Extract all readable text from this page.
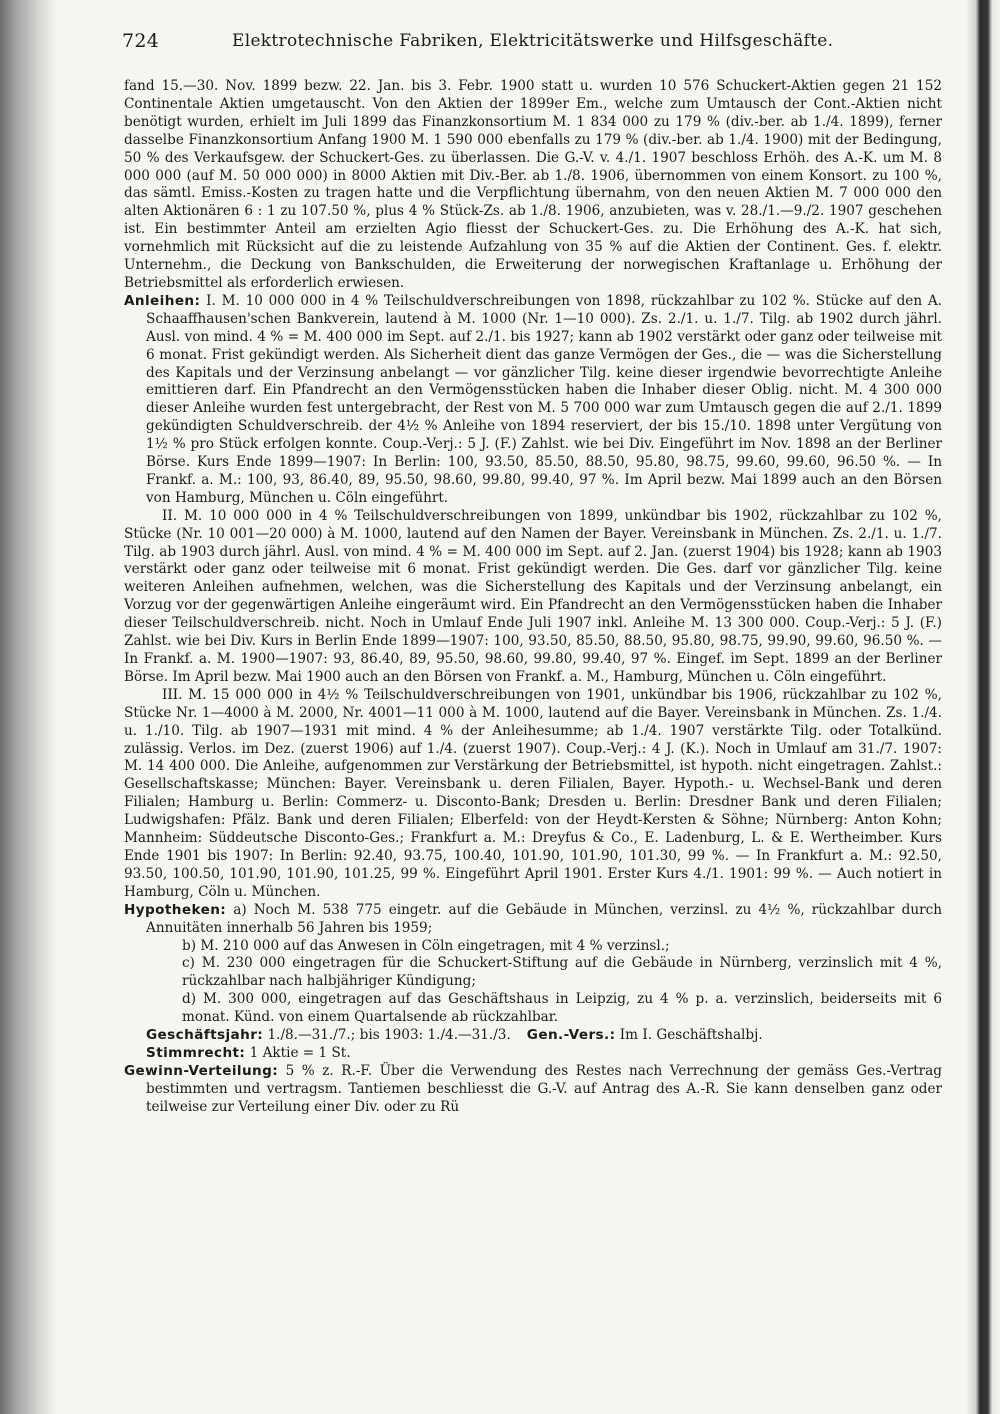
724	Elektrotechnische Fabriken, Elektricitätswerke und Hilfsgeschäfte.

fand 15.—30. Nov. 1899 bezw. 22. Jan. bis 3. Febr. 1900 statt u. wurden 10 576 Schuckert-Aktien gegen 21 152 Continentale Aktien umgetauscht. Von den Aktien der 1899er Em., welche zum Umtausch der Cont.-Aktien nicht benötigt wurden, erhielt im Juli 1899 das Finanzkonsortium M. 1 834 000 zu 179 % (div.-ber. ab 1./4. 1899), ferner dasselbe Finanzkonsortium Anfang 1900 M. 1 590 000 ebenfalls zu 179 % (div.-ber. ab 1./4. 1900) mit der Bedingung, 50 % des Verkaufsgew. der Schuckert-Ges. zu überlassen. Die G.-V. v. 4./1. 1907 beschloss Erhöh. des A.-K. um M. 8 000 000 (auf M. 50 000 000) in 8000 Aktien mit Div.-Ber. ab 1./8. 1906, übernommen von einem Konsort. zu 100 %, das sämtl. Emiss.-Kosten zu tragen hatte und die Verpflichtung übernahm, von den neuen Aktien M. 7 000 000 den alten Aktionären 6 : 1 zu 107.50 %, plus 4 % Stück-Zs. ab 1./8. 1906, anzubieten, was v. 28./1.—9./2. 1907 geschehen ist. Ein bestimmter Anteil am erzielten Agio fliesst der Schuckert-Ges. zu. Die Erhöhung des A.-K. hat sich, vornehmlich mit Rücksicht auf die zu leistende Aufzahlung von 35 % auf die Aktien der Continent. Ges. f. elektr. Unternehm., die Deckung von Bankschulden, die Erweiterung der norwegischen Kraftanlage u. Erhöhung der Betriebsmittel als erforderlich erwiesen.

Anleihen: I. M. 10 000 000 in 4 % Teilschuldverschreibungen von 1898, rückzahlbar zu 102 %. Stücke auf den A. Schaaffhausen'schen Bankverein, lautend à M. 1000 (Nr. 1—10 000). Zs. 2./1. u. 1./7. Tilg. ab 1902 durch jährl. Ausl. von mind. 4 % = M. 400 000 im Sept. auf 2./1. bis 1927; kann ab 1902 verstärkt oder ganz oder teilweise mit 6 monat. Frist gekündigt werden. Als Sicherheit dient das ganze Vermögen der Ges., die — was die Sicherstellung des Kapitals und der Verzinsung anbelangt — vor gänzlicher Tilg. keine dieser irgendwie bevorrechtigte Anleihe emittieren darf. Ein Pfandrecht an den Vermögensstücken haben die Inhaber dieser Oblig. nicht. M. 4 300 000 dieser Anleihe wurden fest untergebracht, der Rest von M. 5 700 000 war zum Umtausch gegen die auf 2./1. 1899 gekündigten Schuldverschreib. der 4½ % Anleihe von 1894 reserviert, der bis 15./10. 1898 unter Vergütung von 1½ % pro Stück erfolgen konnte. Coup.-Verj.: 5 J. (F.) Zahlst. wie bei Div. Eingeführt im Nov. 1898 an der Berliner Börse. Kurs Ende 1899—1907: In Berlin: 100, 93.50, 85.50, 88.50, 95.80, 98.75, 99.60, 99.60, 96.50 %. — In Frankf. a. M.: 100, 93, 86.40, 89, 95.50, 98.60, 99.80, 99.40, 97 %. Im April bezw. Mai 1899 auch an den Börsen von Hamburg, München u. Cöln eingeführt.

II. M. 10 000 000 in 4 % Teilschuldverschreibungen von 1899, unkündbar bis 1902, rückzahlbar zu 102 %, Stücke (Nr. 10 001—20 000) à M. 1000, lautend auf den Namen der Bayer. Vereinsbank in München. Zs. 2./1. u. 1./7. Tilg. ab 1903 durch jährl. Ausl. von mind. 4 % = M. 400 000 im Sept. auf 2. Jan. (zuerst 1904) bis 1928; kann ab 1903 verstärkt oder ganz oder teilweise mit 6 monat. Frist gekündigt werden. Die Ges. darf vor gänzlicher Tilg. keine weiteren Anleihen aufnehmen, welchen, was die Sicherstellung des Kapitals und der Verzinsung anbelangt, ein Vorzug vor der gegenwärtigen Anleihe eingeräumt wird. Ein Pfandrecht an den Vermögensstücken haben die Inhaber dieser Teilschuldverschreib. nicht. Noch in Umlauf Ende Juli 1907 inkl. Anleihe M. 13 300 000. Coup.-Verj.: 5 J. (F.) Zahlst. wie bei Div. Kurs in Berlin Ende 1899—1907: 100, 93.50, 85.50, 88.50, 95.80, 98.75, 99.90, 99.60, 96.50 %. — In Frankf. a. M. 1900—1907: 93, 86.40, 89, 95.50, 98.60, 99.80, 99.40, 97 %. Eingef. im Sept. 1899 an der Berliner Börse. Im April bezw. Mai 1900 auch an den Börsen von Frankf. a. M., Hamburg, München u. Cöln eingeführt.

III. M. 15 000 000 in 4½ % Teilschuldverschreibungen von 1901, unkündbar bis 1906, rückzahlbar zu 102 %, Stücke Nr. 1—4000 à M. 2000, Nr. 4001—11 000 à M. 1000, lautend auf die Bayer. Vereinsbank in München. Zs. 1./4. u. 1./10. Tilg. ab 1907—1931 mit mind. 4 % der Anleihesumme; ab 1./4. 1907 verstärkte Tilg. oder Totalkünd. zulässig. Verlos. im Dez. (zuerst 1906) auf 1./4. (zuerst 1907). Coup.-Verj.: 4 J. (K.). Noch in Umlauf am 31./7. 1907: M. 14 400 000. Die Anleihe, aufgenommen zur Verstärkung der Betriebsmittel, ist hypoth. nicht eingetragen. Zahlst.: Gesellschaftskasse; München: Bayer. Vereinsbank u. deren Filialen, Bayer. Hypoth.- u. Wechsel-Bank und deren Filialen; Hamburg u. Berlin: Commerz- u. Disconto-Bank; Dresden u. Berlin: Dresdner Bank und deren Filialen; Ludwigshafen: Pfälz. Bank und deren Filialen; Elberfeld: von der Heydt-Kersten & Söhne; Nürnberg: Anton Kohn; Mannheim: Süddeutsche Disconto-Ges.; Frankfurt a. M.: Dreyfus & Co., E. Ladenburg, L. & E. Wertheimber. Kurs Ende 1901 bis 1907: In Berlin: 92.40, 93.75, 100.40, 101.90, 101.90, 101.30, 99 %. — In Frankfurt a. M.: 92.50, 93.50, 100.50, 101.90, 101.90, 101.25, 99 %. Eingeführt April 1901. Erster Kurs 4./1. 1901: 99 %. — Auch notiert in Hamburg, Cöln u. München.

Hypotheken: a) Noch M. 538 775 eingetr. auf die Gebäude in München, verzinsl. zu 4½ %, rückzahlbar durch Annuitäten innerhalb 56 Jahren bis 1959;

b) M. 210 000 auf das Anwesen in Cöln eingetragen, mit 4 % verzinsl.;

c) M. 230 000 eingetragen für die Schuckert-Stiftung auf die Gebäude in Nürnberg, verzinslich mit 4 %, rückzahlbar nach halbjähriger Kündigung;

d) M. 300 000, eingetragen auf das Geschäftshaus in Leipzig, zu 4 % p. a. verzinslich, beiderseits mit 6 monat. Künd. von einem Quartalsende ab rückzahlbar.

Geschäftsjahr: 1./8.—31./7.; bis 1903: 1./4.—31./3. Gen.-Vers.: Im I. Geschäftshalbj.

Stimmrecht: 1 Aktie = 1 St.

Gewinn-Verteilung: 5 % z. R.-F. Über die Verwendung des Restes nach Verrechnung der gemäss Ges.-Vertrag bestimmten und vertragsm. Tantiemen beschliesst die G.-V. auf Antrag des A.-R. Sie kann denselben ganz oder teilweise zur Verteilung einer Div. oder zu Rü
